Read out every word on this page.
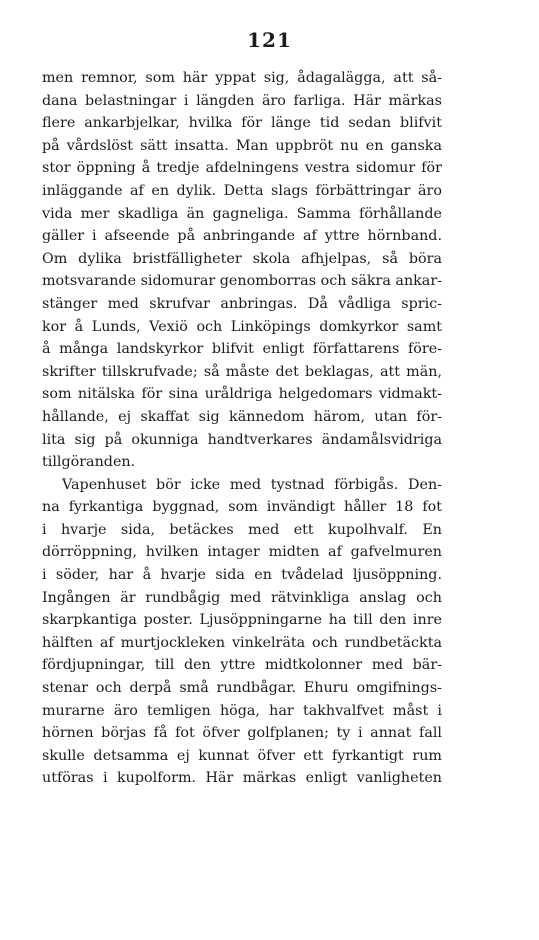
121
men remnor, som här yppat sig, ådagalägga, att så-
dana belastningar i längden äro farliga. Här märkas
flere ankarbjelkar, hvilka för länge tid sedan blifvit
på vårdslöst sätt insatta. Man uppbröt nu en ganska
stor öppning å tredje afdelningens vestra sidomur för
inläggande af en dylik. Detta slags förbättringar äro
vida mer skadliga än gagneliga. Samma förhållande
gäller i afseende på anbringande af yttre hörnband.
Om dylika bristfälligheter skola afhjelpas, så böra
motsvarande sidomurar genomborras och säkra ankar-
stänger med skrufvar anbringas. Då vådliga spric-
kor å Lunds, Vexiö och Linköpings domkyrkor samt
å många landskyrkor blifvit enligt författarens före-
skrifter tillskrufvade; så måste det beklagas, att män,
som nitälska för sina uråldriga helgedomars vidmakt-
hållande, ej skaffat sig kännedom härom, utan för-
lita sig på okunniga handtverkares ändamålsvidriga
tillgöranden.
Vapenhuset bör icke med tystnad förbigås. Den-
na fyrkantiga byggnad, som invändigt håller 18 fot
i hvarje sida, betäckes med ett kupolhvalf. En
dörröppning, hvilken intager midten af gafvelmuren
i söder, har å hvarje sida en tvådelad ljusöppning.
Ingången är rundbågig med rätvinkliga anslag och
skarpkantiga poster. Ljusöppningarne ha till den inre
hälften af murtjockleken vinkelräta och rundbetäckta
fördjupningar, till den yttre midtkolonner med bär-
stenar och derpå små rundbågar. Ehuru omgifnings-
murarne äro temligen höga, har takhvalfvet måst i
hörnen börjas få fot öfver golfplanen; ty i annat fall
skulle detsamma ej kunnat öfver ett fyrkantigt rum
utföras i kupolform. Här märkas enligt vanligheten
